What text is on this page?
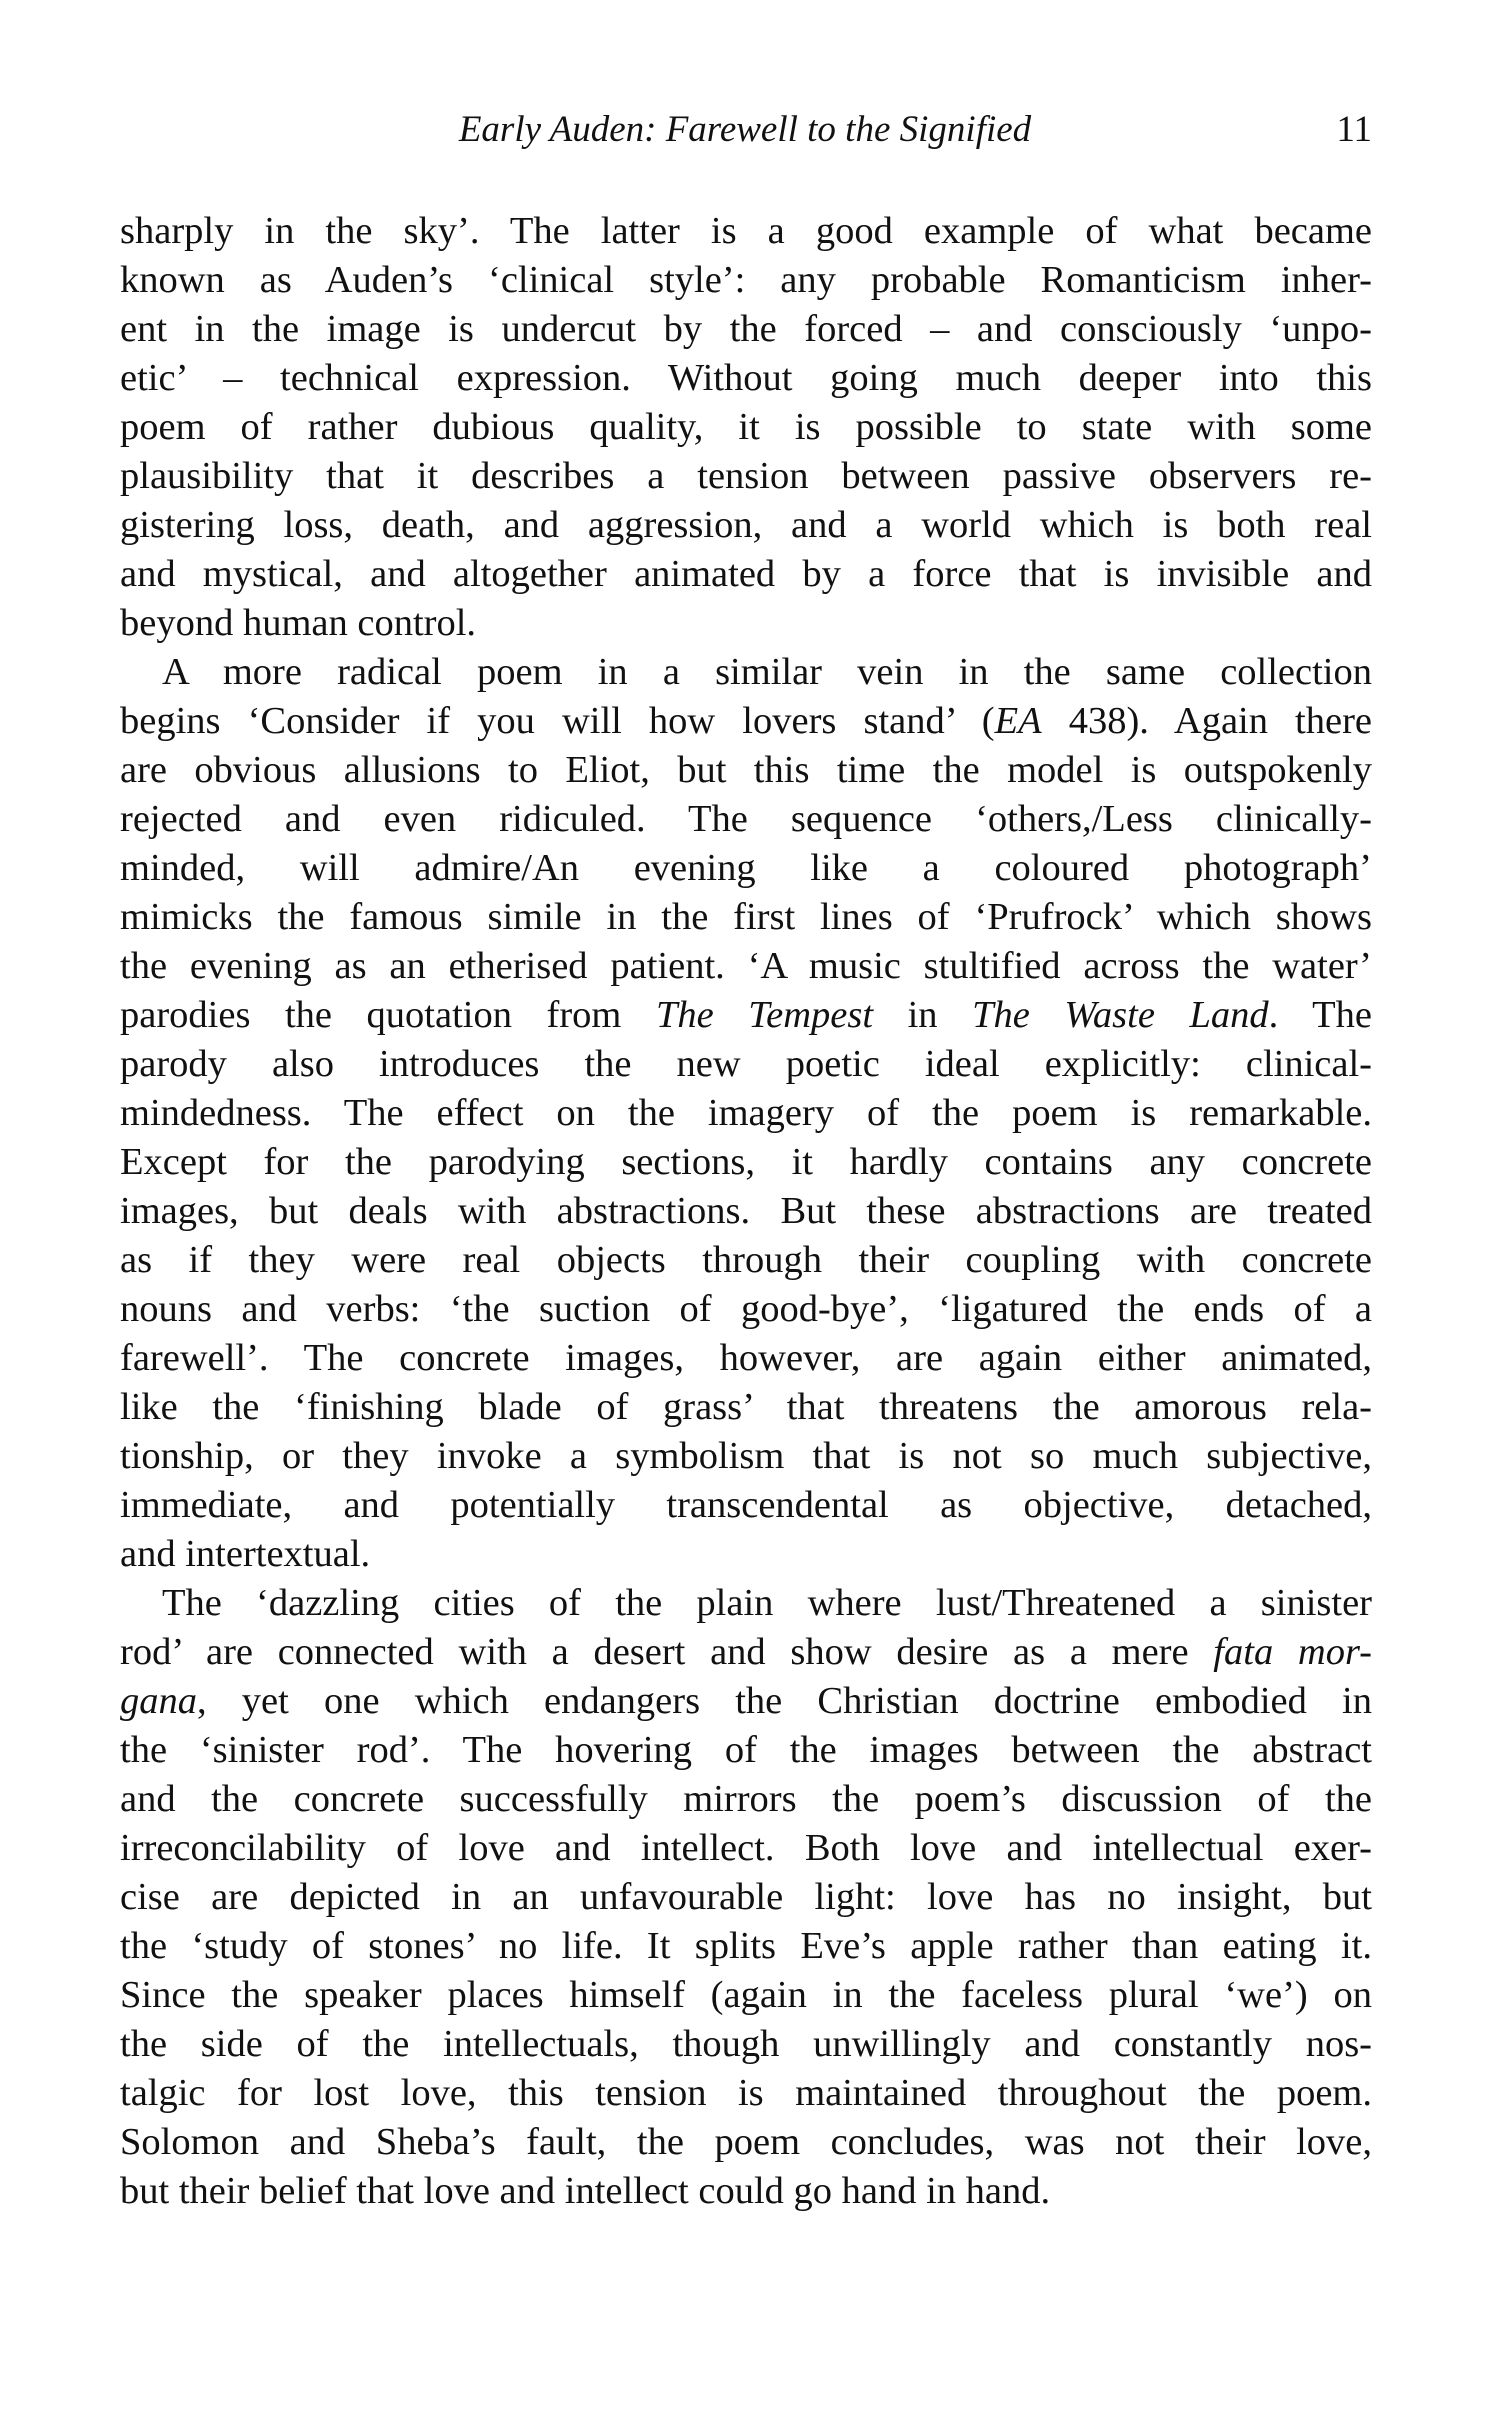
Early Auden: Farewell to the Signified	11
sharply in the sky’. The latter is a good example of what became
known as Auden’s ‘clinical style’: any probable Romanticism inher-
ent in the image is undercut by the forced – and consciously ‘unpo-
etic’ – technical expression. Without going much deeper into this
poem of rather dubious quality, it is possible to state with some
plausibility that it describes a tension between passive observers re-
gistering loss, death, and aggression, and a world which is both real
and mystical, and altogether animated by a force that is invisible and
beyond human control.
A more radical poem in a similar vein in the same collection
begins ‘Consider if you will how lovers stand’ (EA 438). Again there
are obvious allusions to Eliot, but this time the model is outspokenly
rejected and even ridiculed. The sequence ‘others,/Less clinically-
minded, will admire/An evening like a coloured photograph’
mimicks the famous simile in the first lines of ‘Prufrock’ which shows
the evening as an etherised patient. ‘A music stultified across the water’
parodies the quotation from The Tempest in The Waste Land. The
parody also introduces the new poetic ideal explicitly: clinical-
mindedness. The effect on the imagery of the poem is remarkable.
Except for the parodying sections, it hardly contains any concrete
images, but deals with abstractions. But these abstractions are treated
as if they were real objects through their coupling with concrete
nouns and verbs: ‘the suction of good-bye’, ‘ligatured the ends of a
farewell’. The concrete images, however, are again either animated,
like the ‘finishing blade of grass’ that threatens the amorous rela-
tionship, or they invoke a symbolism that is not so much subjective,
immediate, and potentially transcendental as objective, detached,
and intertextual.
The ‘dazzling cities of the plain where lust/Threatened a sinister
rod’ are connected with a desert and show desire as a mere fata mor-
gana, yet one which endangers the Christian doctrine embodied in
the ‘sinister rod’. The hovering of the images between the abstract
and the concrete successfully mirrors the poem’s discussion of the
irreconcilability of love and intellect. Both love and intellectual exer-
cise are depicted in an unfavourable light: love has no insight, but
the ‘study of stones’ no life. It splits Eve’s apple rather than eating it.
Since the speaker places himself (again in the faceless plural ‘we’) on
the side of the intellectuals, though unwillingly and constantly nos-
talgic for lost love, this tension is maintained throughout the poem.
Solomon and Sheba’s fault, the poem concludes, was not their love,
but their belief that love and intellect could go hand in hand.
